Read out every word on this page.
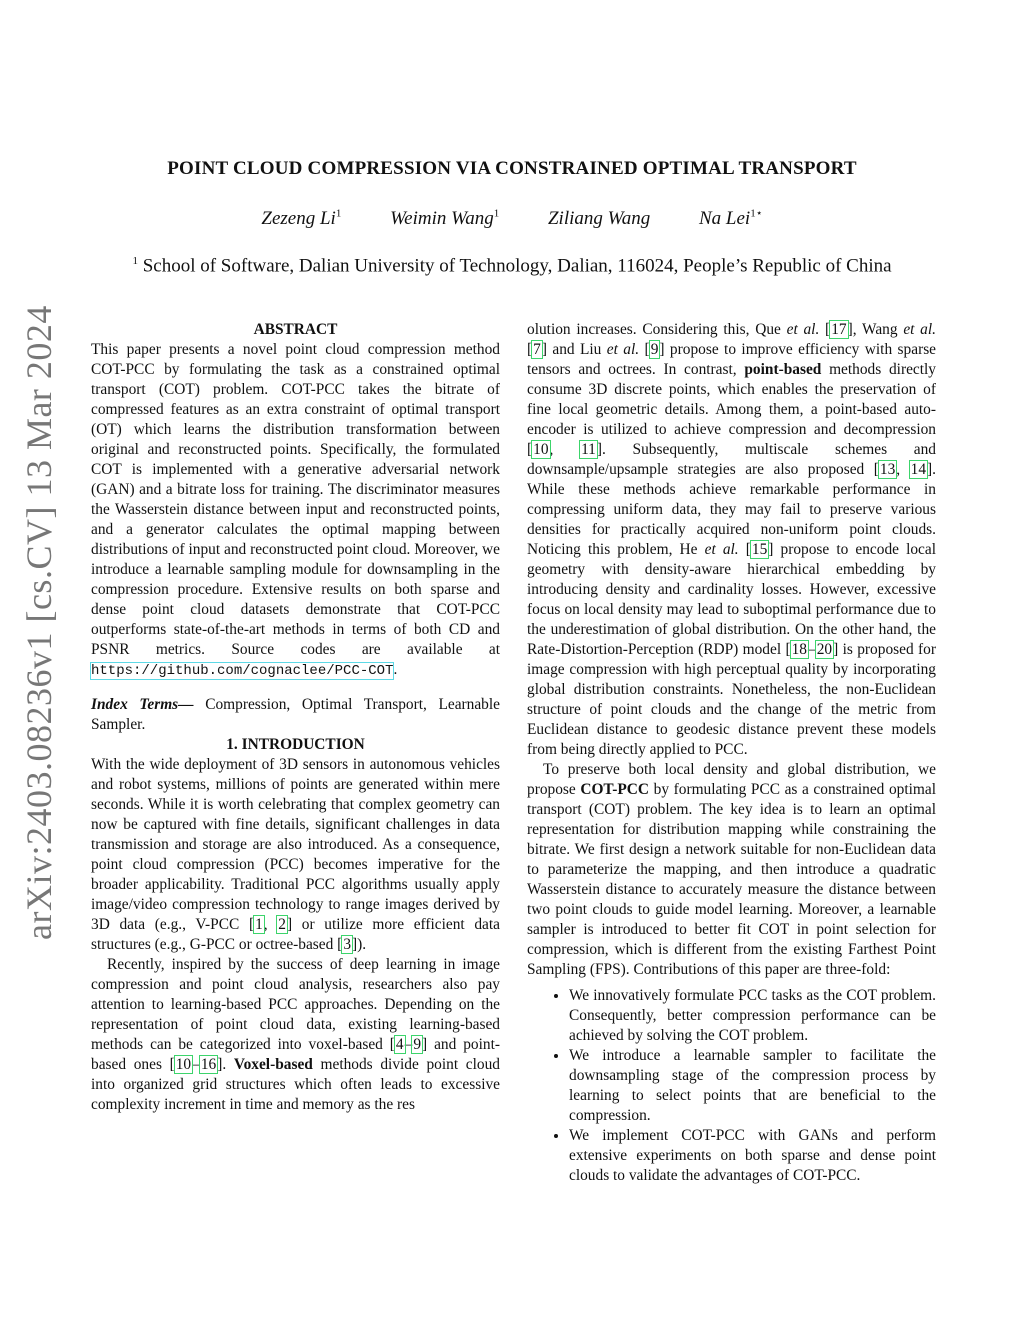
arXiv:2403.08236v1 [cs.CV] 13 Mar 2024
POINT CLOUD COMPRESSION VIA CONSTRAINED OPTIMAL TRANSPORT
Zezeng Li$^1$	Weimin Wang$^1$	Ziliang Wang	Na Lei$^{1⋆}$
$^1$ School of Software, Dalian University of Technology, Dalian, 116024, People’s Republic of China

ABSTRACT

This paper presents a novel point cloud compression method COT-PCC by formulating the task as a constrained optimal transport (COT) problem. COT-PCC takes the bitrate of compressed features as an extra constraint of optimal transport (OT) which learns the distribution transformation between original and reconstructed points. Specifically, the formulated COT is implemented with a generative adversarial network (GAN) and a bitrate loss for training. The discriminator measures the Wasserstein distance between input and reconstructed points, and a generator calculates the optimal mapping between distributions of input and reconstructed point cloud. Moreover, we introduce a learnable sampling module for downsampling in the compression procedure. Extensive results on both sparse and dense point cloud datasets demonstrate that COT-PCC outperforms state-of-the-art methods in terms of both CD and PSNR metrics. Source codes are available at https://github.com/cognaclee/PCC-COT.

Index Terms— Compression, Optimal Transport, Learnable Sampler.

1. INTRODUCTION

With the wide deployment of 3D sensors in autonomous vehicles and robot systems, millions of points are generated within mere seconds. While it is worth celebrating that complex geometry can now be captured with fine details, significant challenges in data transmission and storage are also introduced. As a consequence, point cloud compression (PCC) becomes imperative for the broader applicability. Traditional PCC algorithms usually apply image/video compression technology to range images derived by 3D data (e.g., V-PCC [1, 2] or utilize more efficient data structures (e.g., G-PCC or octree-based [3]).

Recently, inspired by the success of deep learning in image compression and point cloud analysis, researchers also pay attention to learning-based PCC approaches. Depending on the representation of point cloud data, existing learning-based methods can be categorized into voxel-based [4–9] and point-based ones [10–16]. Voxel-based methods divide point cloud into organized grid structures which often leads to excessive complexity increment in time and memory as the res

olution increases. Considering this, Que et al. [17], Wang et al. [7] and Liu et al. [9] propose to improve efficiency with sparse tensors and octrees. In contrast, point-based methods directly consume 3D discrete points, which enables the preservation of fine local geometric details. Among them, a point-based auto-encoder is utilized to achieve compression and decompression [10, 11]. Subsequently, multiscale schemes and downsample/upsample strategies are also proposed [13, 14]. While these methods achieve remarkable performance in compressing uniform data, they may fail to preserve various densities for practically acquired non-uniform point clouds. Noticing this problem, He et al. [15] propose to encode local geometry with density-aware hierarchical embedding by introducing density and cardinality losses. However, excessive focus on local density may lead to suboptimal performance due to the underestimation of global distribution. On the other hand, the Rate-Distortion-Perception (RDP) model [18–20] is proposed for image compression with high perceptual quality by incorporating global distribution constraints. Nonetheless, the non-Euclidean structure of point clouds and the change of the metric from Euclidean distance to geodesic distance prevent these models from being directly applied to PCC.

To preserve both local density and global distribution, we propose COT-PCC by formulating PCC as a constrained optimal transport (COT) problem. The key idea is to learn an optimal representation for distribution mapping while constraining the bitrate. We first design a network suitable for non-Euclidean data to parameterize the mapping, and then introduce a quadratic Wasserstein distance to accurately measure the distance between two point clouds to guide model learning. Moreover, a learnable sampler is introduced to better fit COT in point selection for compression, which is different from the existing Farthest Point Sampling (FPS). Contributions of this paper are three-fold:

• We innovatively formulate PCC tasks as the COT problem. Consequently, better compression performance can be achieved by solving the COT problem.
• We introduce a learnable sampler to facilitate the downsampling stage of the compression process by learning to select points that are beneficial to the compression.
• We implement COT-PCC with GANs and perform extensive experiments on both sparse and dense point clouds to validate the advantages of COT-PCC.
